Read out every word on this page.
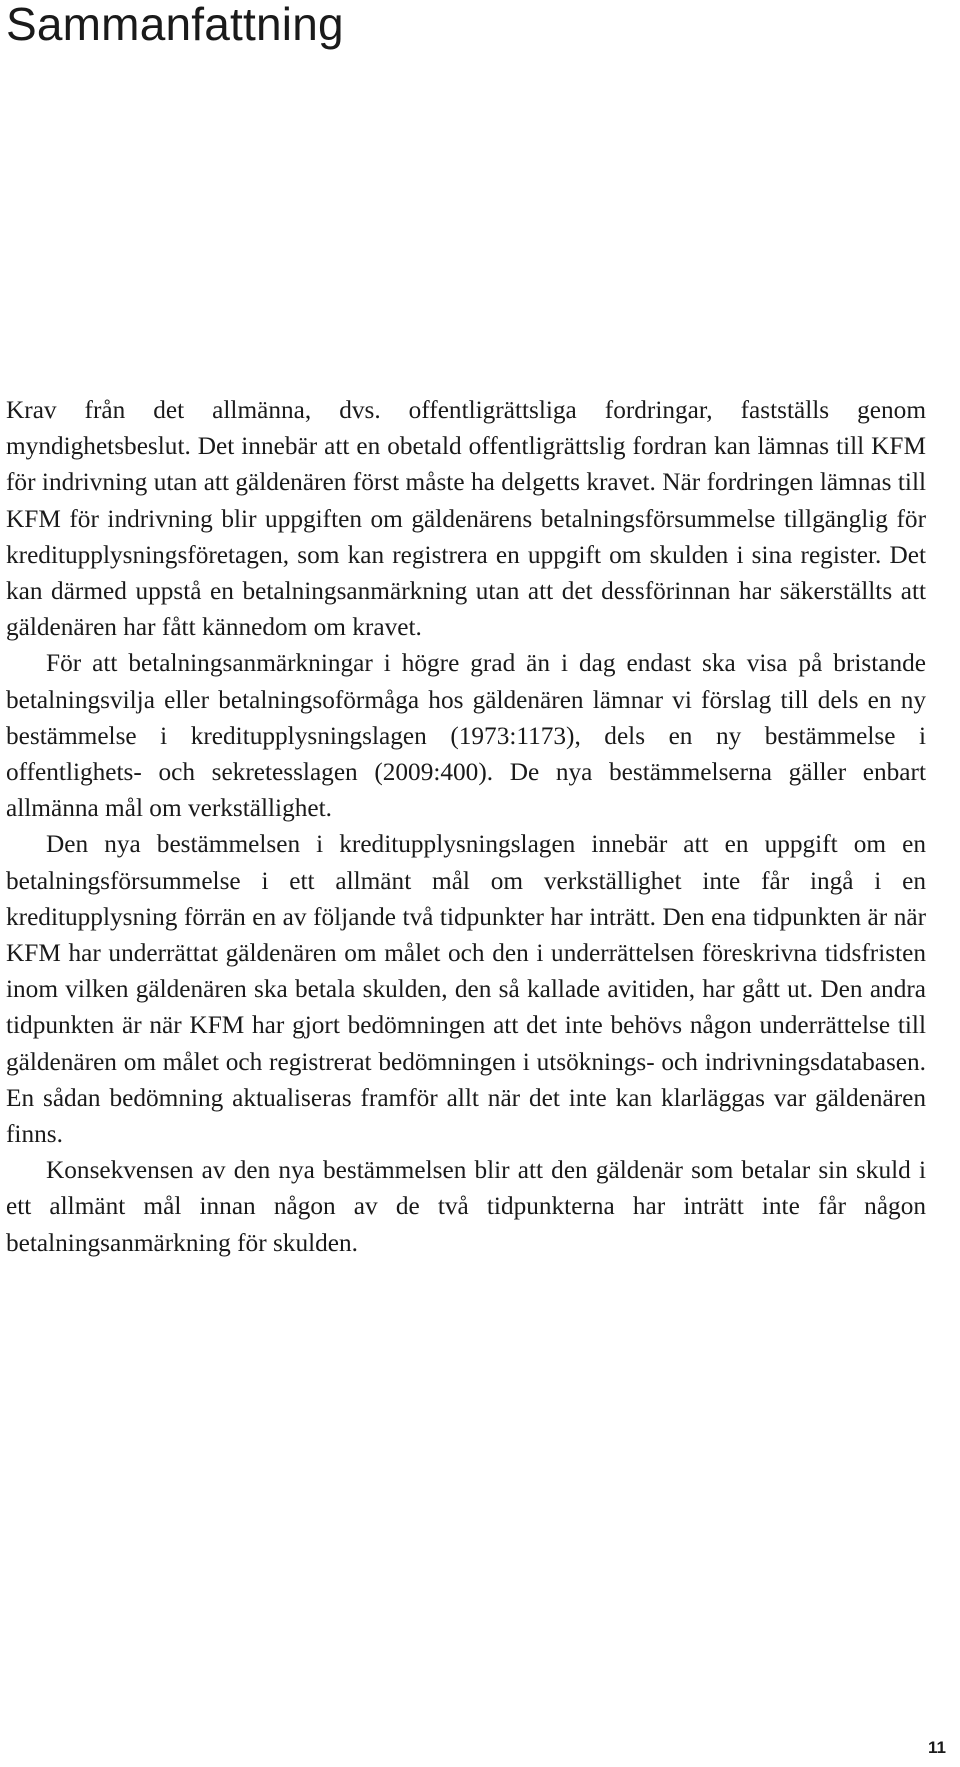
Sammanfattning

Krav från det allmänna, dvs. offentligrättsliga fordringar, fastställs genom myndighetsbeslut. Det innebär att en obetald offentligrättslig fordran kan lämnas till KFM för indrivning utan att gäldenären först måste ha delgetts kravet. När fordringen lämnas till KFM för indrivning blir uppgiften om gäldenärens betalningsförsummelse tillgänglig för kreditupplysningsföretagen, som kan registrera en uppgift om skulden i sina register. Det kan därmed uppstå en betalningsanmärkning utan att det dessförinnan har säkerställts att gäldenären har fått kännedom om kravet.

För att betalningsanmärkningar i högre grad än i dag endast ska visa på bristande betalningsvilja eller betalningsoförmåga hos gäldenären lämnar vi förslag till dels en ny bestämmelse i kreditupplysningslagen (1973:1173), dels en ny bestämmelse i offentlighets- och sekretesslagen (2009:400). De nya bestämmelserna gäller enbart allmänna mål om verkställighet.

Den nya bestämmelsen i kreditupplysningslagen innebär att en uppgift om en betalningsförsummelse i ett allmänt mål om verkställighet inte får ingå i en kreditupplysning förrän en av följande två tidpunkter har inträtt. Den ena tidpunkten är när KFM har underrättat gäldenären om målet och den i underrättelsen föreskrivna tidsfristen inom vilken gäldenären ska betala skulden, den så kallade avitiden, har gått ut. Den andra tidpunkten är när KFM har gjort bedömningen att det inte behövs någon underrättelse till gäldenären om målet och registrerat bedömningen i utsöknings- och indrivningsdatabasen. En sådan bedömning aktualiseras framför allt när det inte kan klarläggas var gäldenären finns.

Konsekvensen av den nya bestämmelsen blir att den gäldenär som betalar sin skuld i ett allmänt mål innan någon av de två tidpunkterna har inträtt inte får någon betalningsanmärkning för skulden.

11
